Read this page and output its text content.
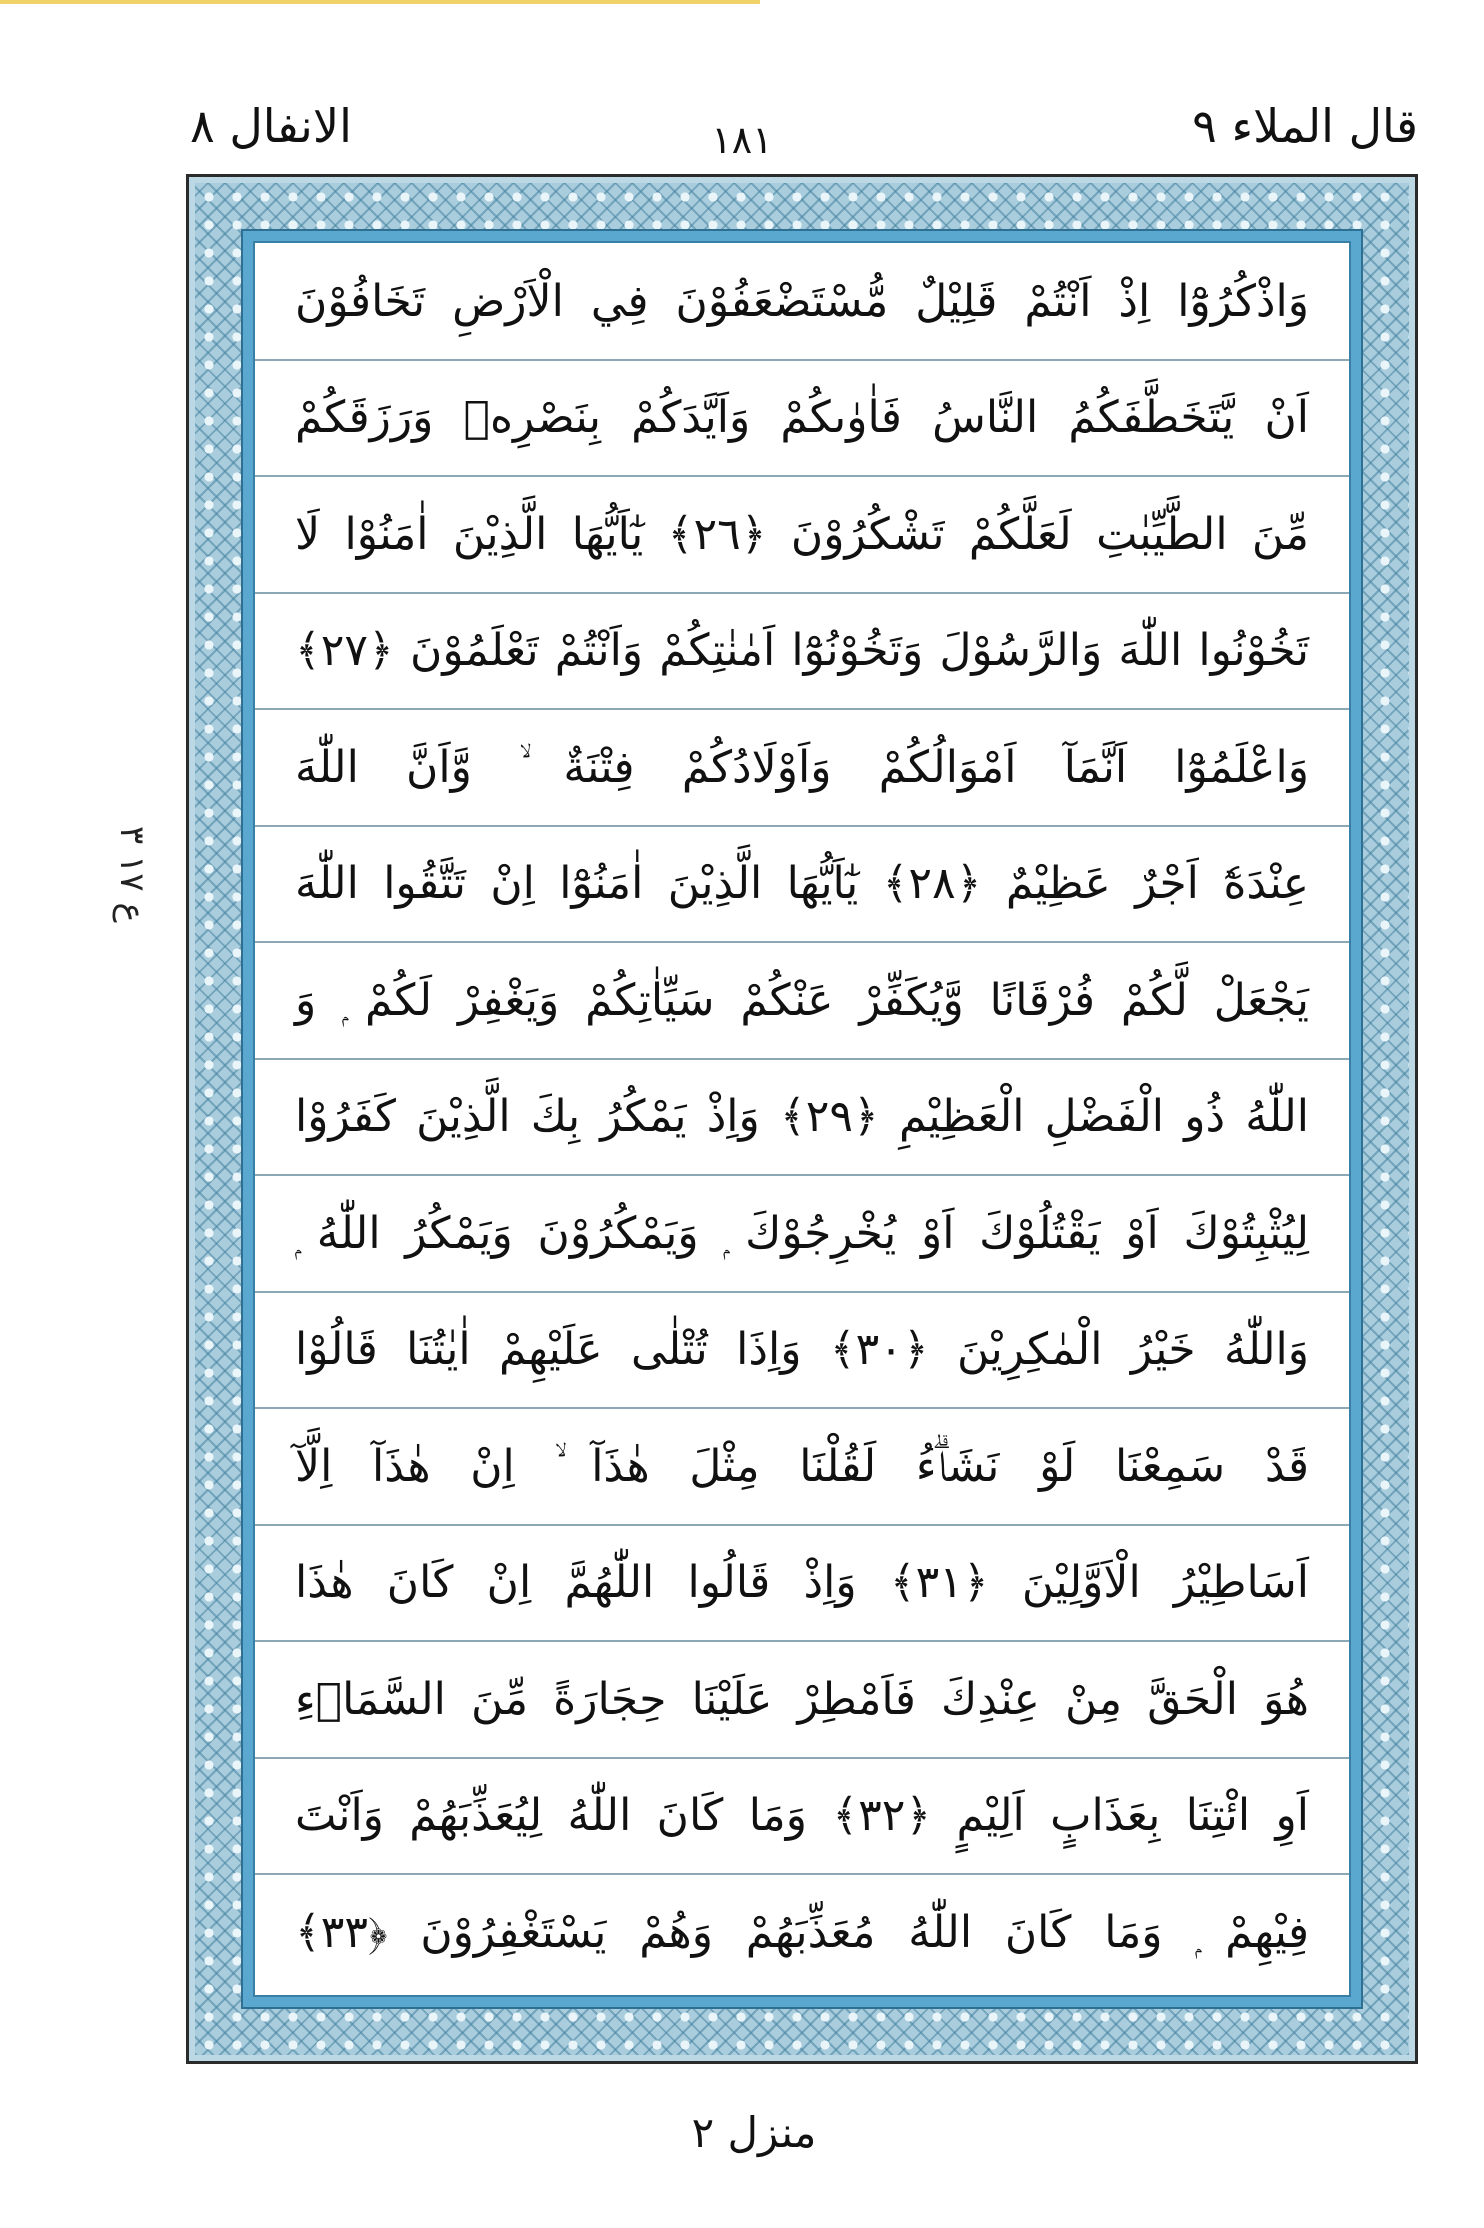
قال الملاء ٩
١٨١
الانفال ٨
ع ١٧ ٣
وَاذْكُرُوْٓا اِذْ اَنْتُمْ قَلِيْلٌ مُّسْتَضْعَفُوْنَ فِي الْاَرْضِ تَخَافُوْنَ
اَنْ يَّتَخَطَّفَكُمُ النَّاسُ فَاٰوٰىكُمْ وَاَيَّدَكُمْ بِنَصْرِهٖ وَرَزَقَكُمْ
مِّنَ الطَّيِّبٰتِ لَعَلَّكُمْ تَشْكُرُوْنَ ﴿٢٦﴾ يٰٓاَيُّهَا الَّذِيْنَ اٰمَنُوْا لَا
تَخُوْنُوا اللّٰهَ وَالرَّسُوْلَ وَتَخُوْنُوْٓا اَمٰنٰتِكُمْ وَاَنْتُمْ تَعْلَمُوْنَ ﴿٢٧﴾
وَاعْلَمُوْٓا اَنَّمَآ اَمْوَالُكُمْ وَاَوْلَادُكُمْ فِتْنَةٌ ۙ وَّاَنَّ اللّٰهَ
عِنْدَهٗٓ اَجْرٌ عَظِيْمٌ ﴿٢٨﴾ يٰٓاَيُّهَا الَّذِيْنَ اٰمَنُوْٓا اِنْ تَتَّقُوا اللّٰهَ
يَجْعَلْ لَّكُمْ فُرْقَانًا وَّيُكَفِّرْ عَنْكُمْ سَيِّاٰتِكُمْ وَيَغْفِرْ لَكُمْ ۭ وَ
اللّٰهُ ذُو الْفَضْلِ الْعَظِيْمِ ﴿٢٩﴾ وَاِذْ يَمْكُرُ بِكَ الَّذِيْنَ كَفَرُوْا
لِيُثْبِتُوْكَ اَوْ يَقْتُلُوْكَ اَوْ يُخْرِجُوْكَ ۭ وَيَمْكُرُوْنَ وَيَمْكُرُ اللّٰهُ ۭ
وَاللّٰهُ خَيْرُ الْمٰكِرِيْنَ ﴿٣٠﴾ وَاِذَا تُتْلٰى عَلَيْهِمْ اٰيٰتُنَا قَالُوْا
قَدْ سَمِعْنَا لَوْ نَشَاۗءُ لَقُلْنَا مِثْلَ هٰذَآ ۙ اِنْ هٰذَآ اِلَّآ
اَسَاطِيْرُ الْاَوَّلِيْنَ ﴿٣١﴾ وَاِذْ قَالُوا اللّٰهُمَّ اِنْ كَانَ هٰذَا
هُوَ الْحَقَّ مِنْ عِنْدِكَ فَاَمْطِرْ عَلَيْنَا حِجَارَةً مِّنَ السَّمَاۗءِ
اَوِ ائْتِنَا بِعَذَابٍ اَلِيْمٍ ﴿٣٢﴾ وَمَا كَانَ اللّٰهُ لِيُعَذِّبَهُمْ وَاَنْتَ
فِيْهِمْ ۭ وَمَا كَانَ اللّٰهُ مُعَذِّبَهُمْ وَهُمْ يَسْتَغْفِرُوْنَ ﴿٣٣﴾
منزل ٢
